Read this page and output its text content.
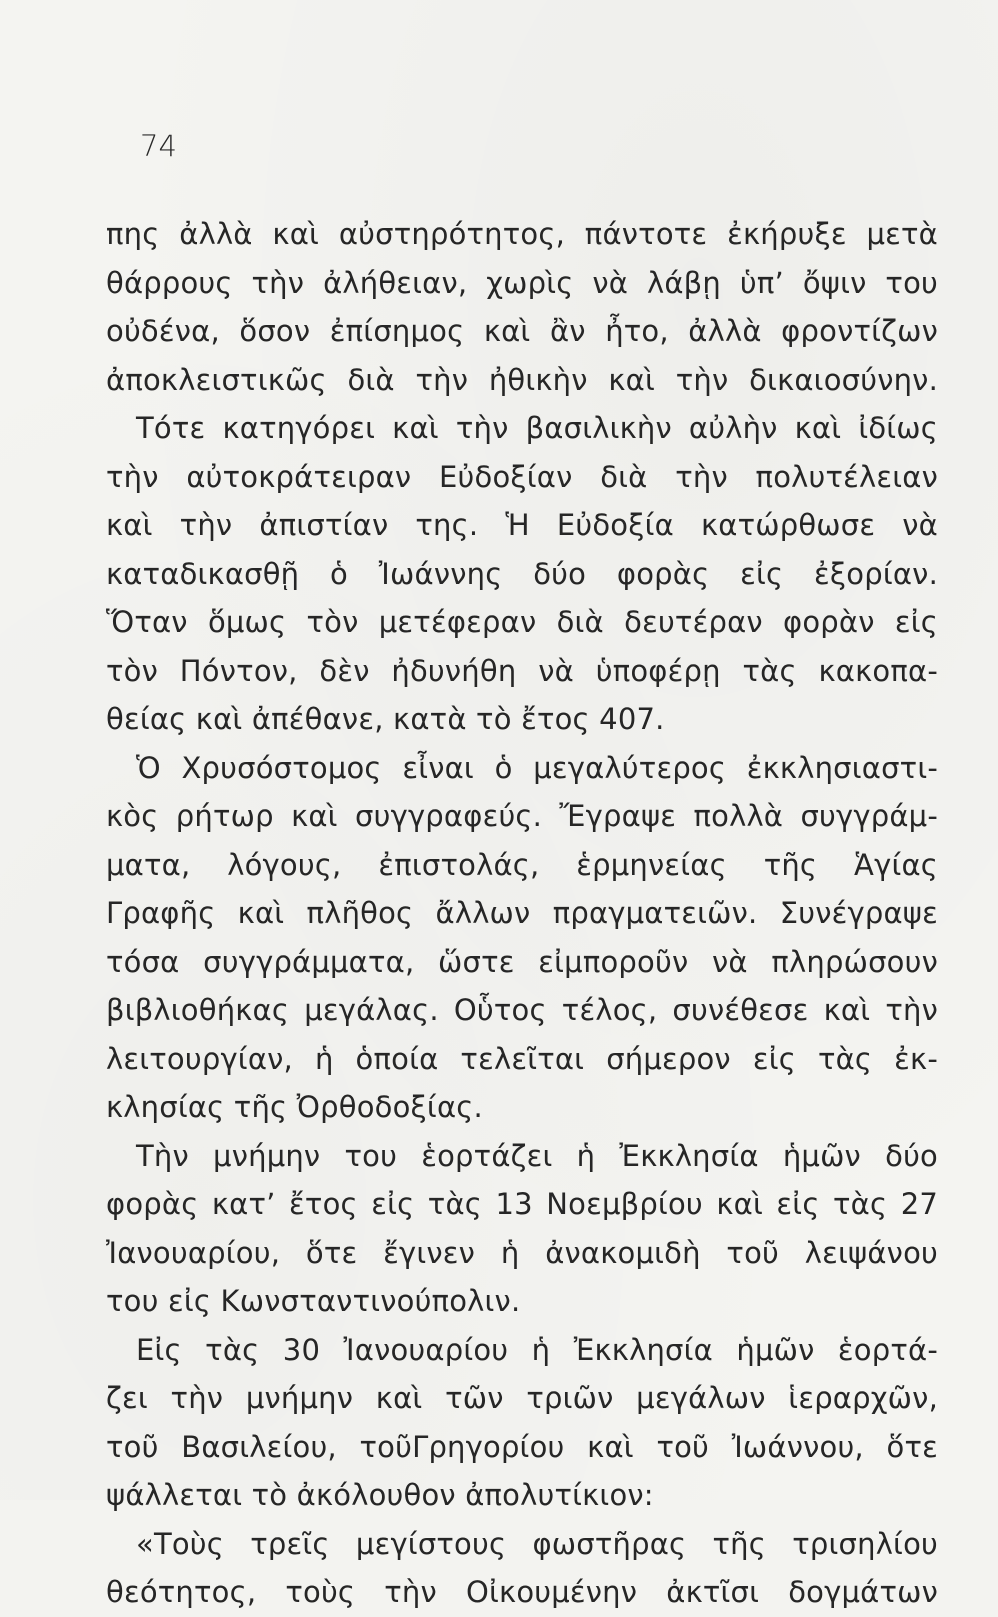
74
πης ἀλλὰ καὶ αὐστηρότητος, πάντοτε ἐκήρυξε μετὰ
θάρρους τὴν ἀλήθειαν, χωρὶς νὰ λάβῃ ὑπ’ ὄψιν του
οὐδένα, ὅσον ἐπίσημος καὶ ἂν ἦτο, ἀλλὰ φροντίζων
ἀποκλειστικῶς διὰ τὴν ἠθικὴν καὶ τὴν δικαιοσύνην.
Τότε κατηγόρει καὶ τὴν βασιλικὴν αὐλὴν καὶ ἰδίως
τὴν αὐτοκράτειραν Εὐδοξίαν διὰ τὴν πολυτέλειαν
καὶ τὴν ἀπιστίαν της. Ἡ Εὐδοξία κατώρθωσε νὰ
καταδικασθῇ ὁ Ἰωάννης δύο φορὰς εἰς ἐξορίαν.
Ὅταν ὅμως τὸν μετέφεραν διὰ δευτέραν φορὰν εἰς
τὸν Πόντον, δὲν ἠδυνήθη νὰ ὑποφέρῃ τὰς κακοπα-
θείας καὶ ἀπέθανε, κατὰ τὸ ἔτος 407.
Ὁ Χρυσόστομος εἶναι ὁ μεγαλύτερος ἐκκλησιαστι-
κὸς ρήτωρ καὶ συγγραφεύς. Ἔγραψε πολλὰ συγγράμ-
ματα, λόγους, ἐπιστολάς, ἑρμηνείας τῆς Ἁγίας
Γραφῆς καὶ πλῆθος ἄλλων πραγματειῶν. Συνέγραψε
τόσα συγγράμματα, ὥστε εἰμποροῦν νὰ πληρώσουν
βιβλιοθήκας μεγάλας. Οὗτος τέλος, συνέθεσε καὶ τὴν
λειτουργίαν, ἡ ὁποία τελεῖται σήμερον εἰς τὰς ἐκ-
κλησίας τῆς Ὀρθοδοξίας.
Τὴν μνήμην του ἑορτάζει ἡ Ἐκκλησία ἡμῶν δύο
φορὰς κατ’ ἔτος εἰς τὰς 13 Νοεμβρίου καὶ εἰς τὰς 27
Ἰανουαρίου, ὅτε ἔγινεν ἡ ἀνακομιδὴ τοῦ λειψάνου
του εἰς Κωνσταντινούπολιν.
Εἰς τὰς 30 Ἰανουαρίου ἡ Ἐκκλησία ἡμῶν ἑορτά-
ζει τὴν μνήμην καὶ τῶν τριῶν μεγάλων ἱεραρχῶν,
τοῦ Βασιλείου, τοῦΓρηγορίου καὶ τοῦ Ἰωάννου, ὅτε
ψάλλεται τὸ ἀκόλουθον ἀπολυτίκιον:
«Τοὺς τρεῖς μεγίστους φωστῆρας τῆς τρισηλίου
θεότητος, τοὺς τὴν Οἰκουμένην ἀκτῖσι δογμάτων
